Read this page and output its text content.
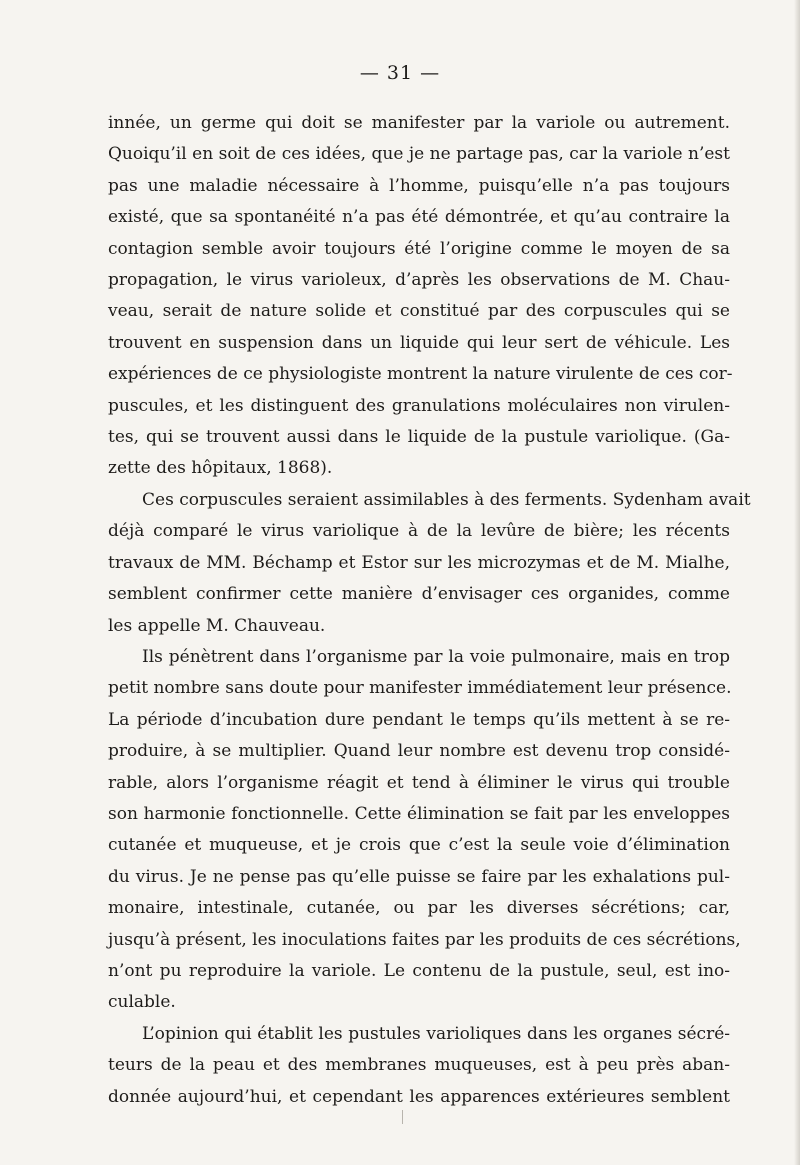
— 31 —

innée, un germe qui doit se manifester par la variole ou autrement.
Quoiqu’il en soit de ces idées, que je ne partage pas, car la variole n’est
pas une maladie nécessaire à l’homme, puisqu’elle n’a pas toujours
existé, que sa spontanéité n’a pas été démontrée, et qu’au contraire la
contagion semble avoir toujours été l’origine comme le moyen de sa
propagation, le virus varioleux, d’après les observations de M. Chau-
veau, serait de nature solide et constitué par des corpuscules qui se
trouvent en suspension dans un liquide qui leur sert de véhicule. Les
expériences de ce physiologiste montrent la nature virulente de ces cor-
puscules, et les distinguent des granulations moléculaires non virulen-
tes, qui se trouvent aussi dans le liquide de la pustule variolique. (Ga-
zette des hôpitaux, 1868).

Ces corpuscules seraient assimilables à des ferments. Sydenham avait
déjà comparé le virus variolique à de la levûre de bière; les récents
travaux de MM. Béchamp et Estor sur les microzymas et de M. Mialhe,
semblent confirmer cette manière d’envisager ces organides, comme
les appelle M. Chauveau.

Ils pénètrent dans l’organisme par la voie pulmonaire, mais en trop
petit nombre sans doute pour manifester immédiatement leur présence.
La période d’incubation dure pendant le temps qu’ils mettent à se re-
produire, à se multiplier. Quand leur nombre est devenu trop considé-
rable, alors l’organisme réagit et tend à éliminer le virus qui trouble
son harmonie fonctionnelle. Cette élimination se fait par les enveloppes
cutanée et muqueuse, et je crois que c’est la seule voie d’élimination
du virus. Je ne pense pas qu’elle puisse se faire par les exhalations pul-
monaire, intestinale, cutanée, ou par les diverses sécrétions; car,
jusqu’à présent, les inoculations faites par les produits de ces sécrétions,
n’ont pu reproduire la variole. Le contenu de la pustule, seul, est ino-
culable.

L’opinion qui établit les pustules varioliques dans les organes sécré-
teurs de la peau et des membranes muqueuses, est à peu près aban-
donnée aujourd’hui, et cependant les apparences extérieures semblent
